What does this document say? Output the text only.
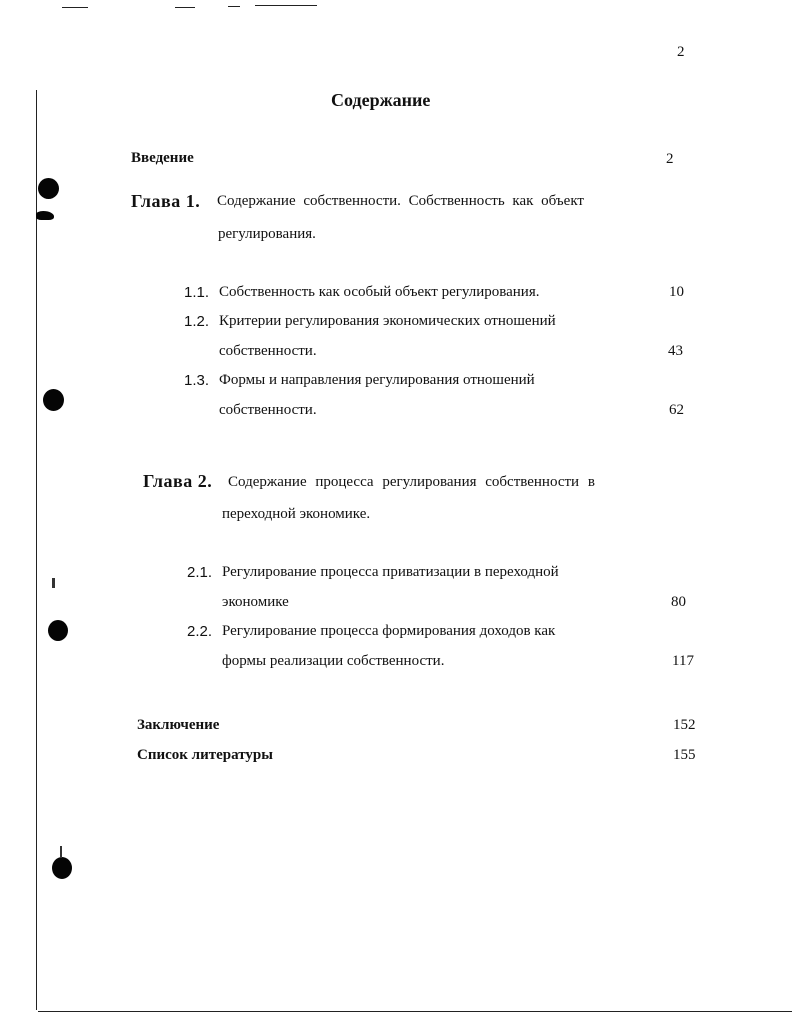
2
Содержание
Введение	2
Глава 1. Содержание собственности. Собственность как объект
регулирования.
1.1. Собственность как особый объект регулирования.	10
1.2. Критерии регулирования экономических отношений
собственности.	43
1.3. Формы и направления регулирования отношений
собственности.	62
Глава 2. Содержание процесса регулирования собственности в
переходной экономике.
2.1. Регулирование процесса приватизации в переходной
экономике	80
2.2. Регулирование процесса формирования доходов как
формы реализации собственности.	117
Заключение	152
Список литературы	155
